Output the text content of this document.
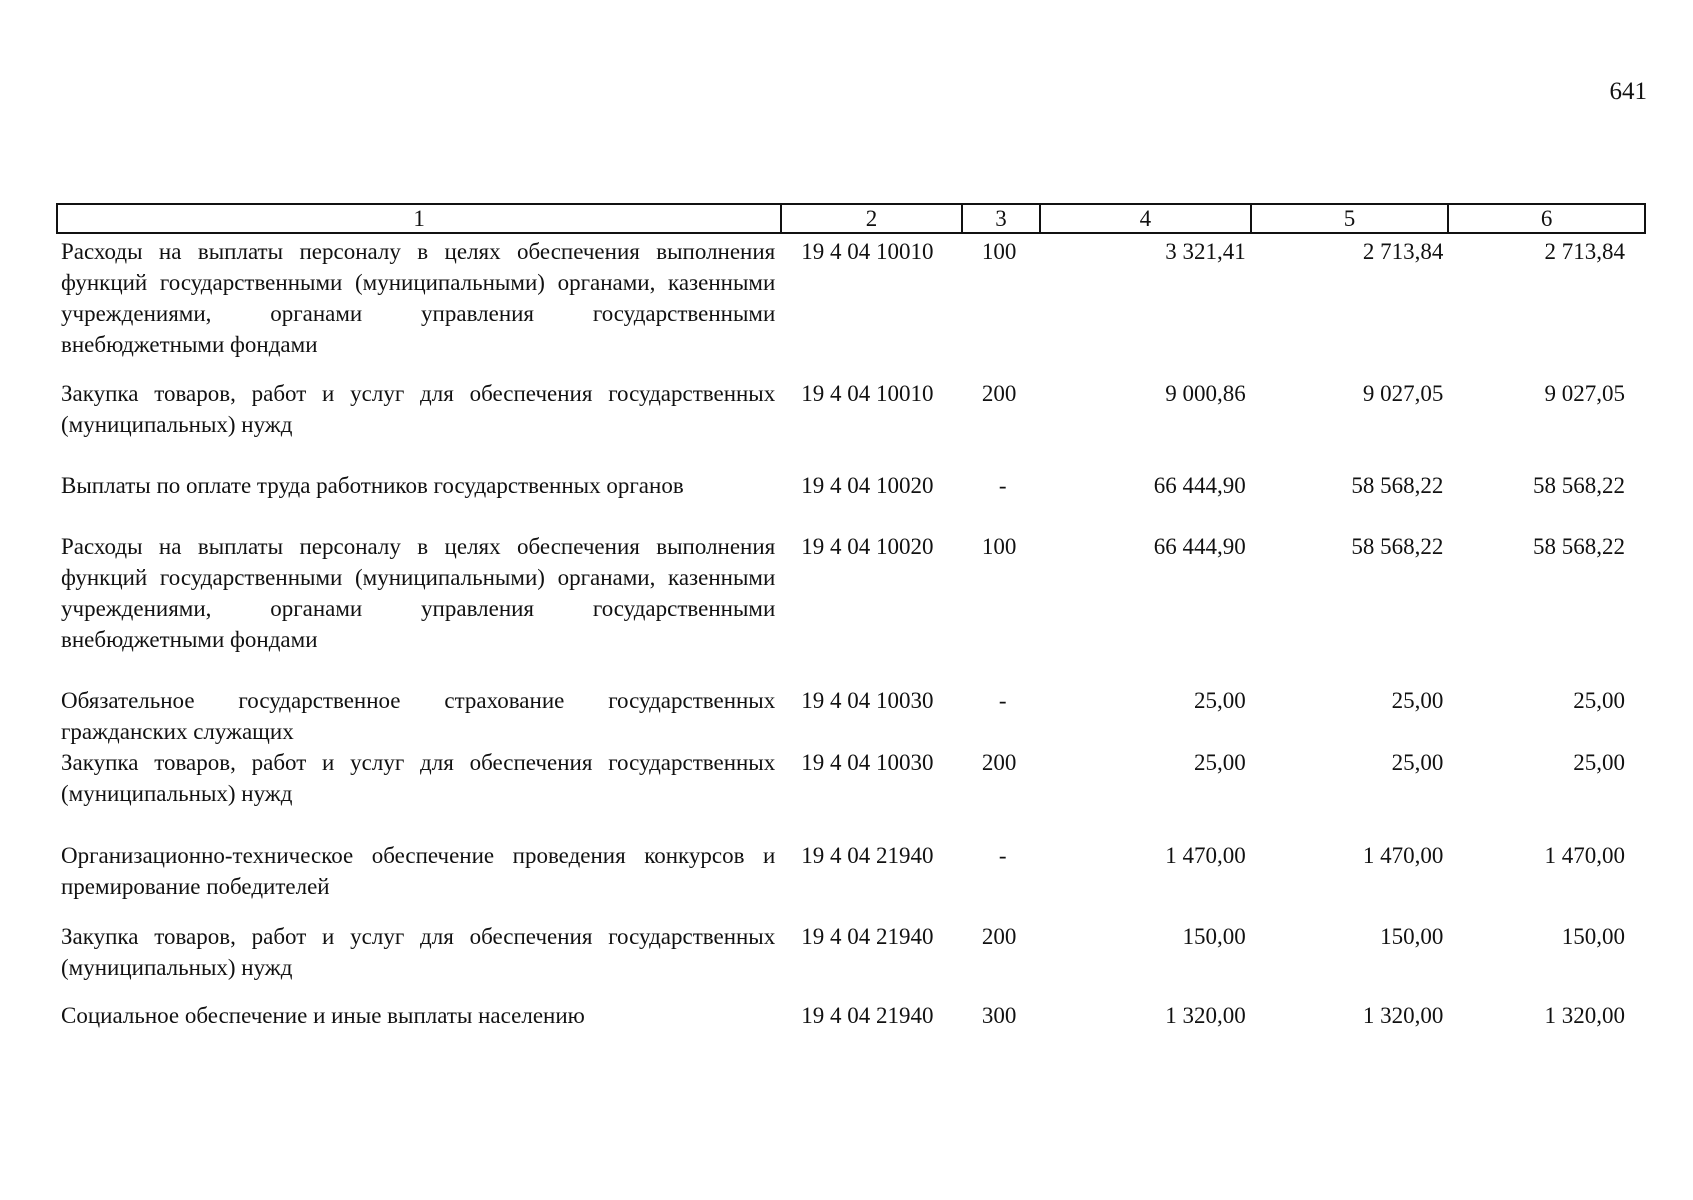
641
1	2	3	4	5	6
Расходы на выплаты персоналу в целях обеспечения выполнения функций государственными (муниципальными) органами, казенными учреждениями, органами управления государственными внебюджетными фондами	19 4 04 10010	100	3 321,41	2 713,84	2 713,84
Закупка товаров, работ и услуг для обеспечения государственных (муниципальных) нужд	19 4 04 10010	200	9 000,86	9 027,05	9 027,05
Выплаты по оплате труда работников государственных органов	19 4 04 10020	-	66 444,90	58 568,22	58 568,22
Расходы на выплаты персоналу в целях обеспечения выполнения функций государственными (муниципальными) органами, казенными учреждениями, органами управления государственными внебюджетными фондами	19 4 04 10020	100	66 444,90	58 568,22	58 568,22
Обязательное государственное страхование государственных гражданских служащих	19 4 04 10030	-	25,00	25,00	25,00
Закупка товаров, работ и услуг для обеспечения государственных (муниципальных) нужд	19 4 04 10030	200	25,00	25,00	25,00
Организационно-техническое обеспечение проведения конкурсов и премирование победителей	19 4 04 21940	-	1 470,00	1 470,00	1 470,00
Закупка товаров, работ и услуг для обеспечения государственных (муниципальных) нужд	19 4 04 21940	200	150,00	150,00	150,00
Социальное обеспечение и иные выплаты населению	19 4 04 21940	300	1 320,00	1 320,00	1 320,00
